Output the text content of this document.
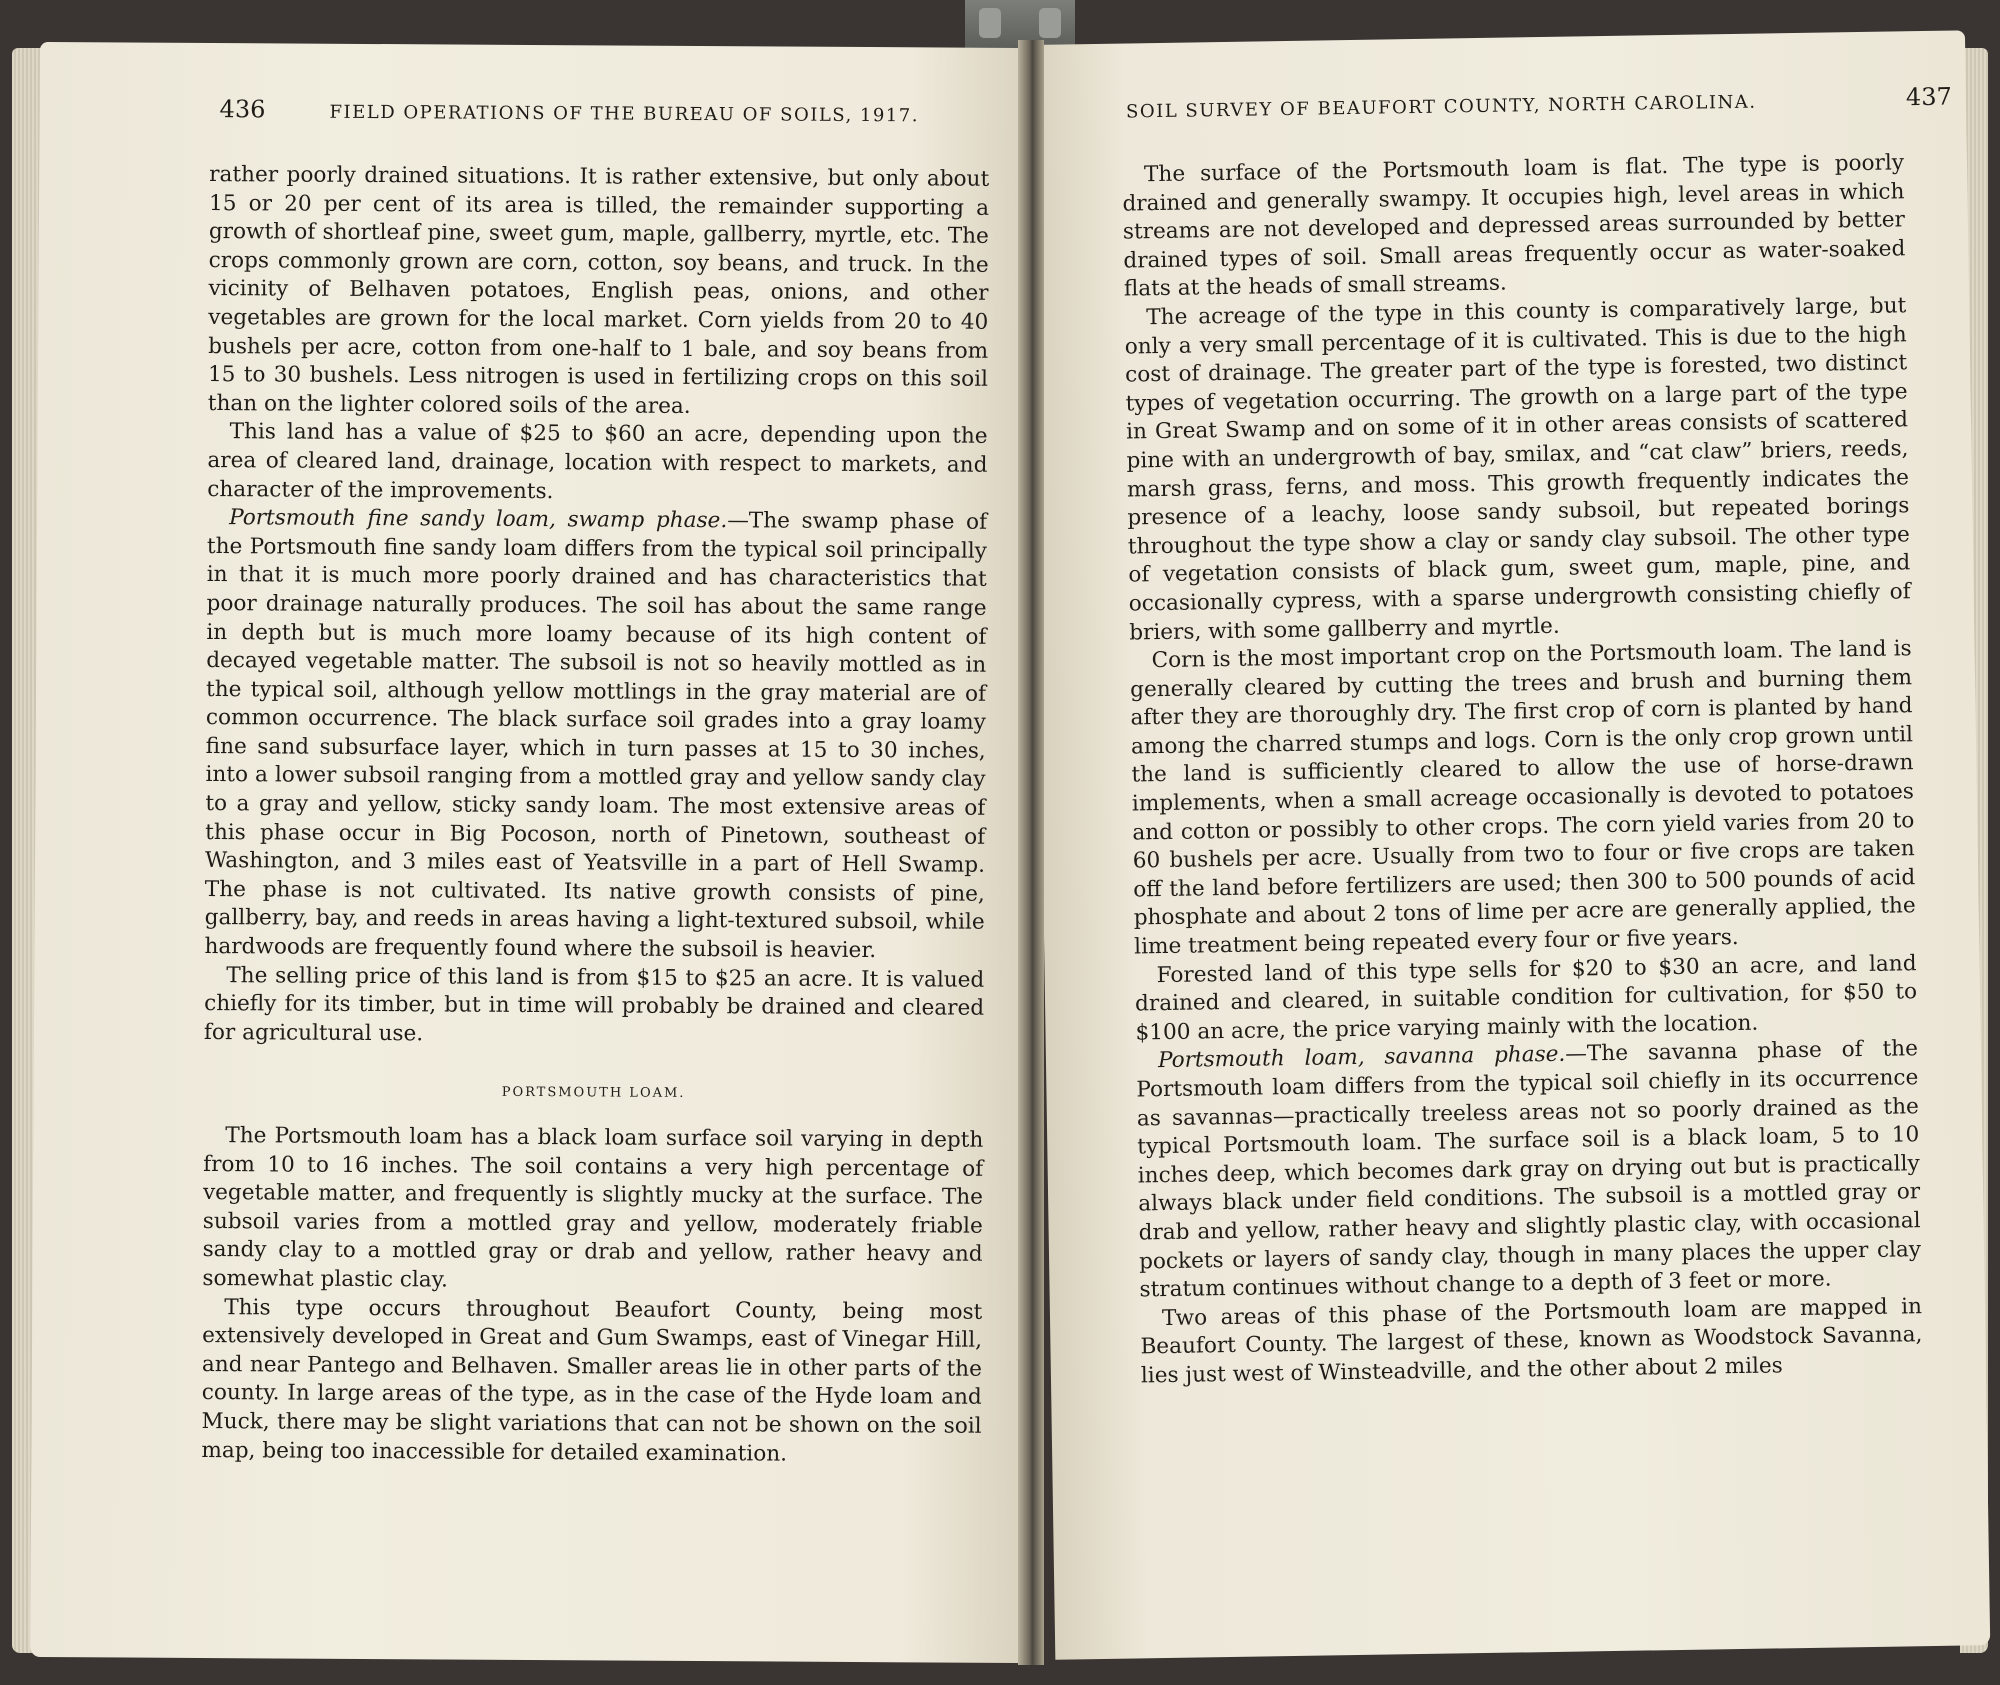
436	FIELD OPERATIONS OF THE BUREAU OF SOILS, 1917.

rather poorly drained situations. It is rather extensive, but only about 15 or 20 per cent of its area is tilled, the remainder supporting a growth of shortleaf pine, sweet gum, maple, gallberry, myrtle, etc. The crops commonly grown are corn, cotton, soy beans, and truck. In the vicinity of Belhaven potatoes, English peas, onions, and other vegetables are grown for the local market. Corn yields from 20 to 40 bushels per acre, cotton from one-half to 1 bale, and soy beans from 15 to 30 bushels. Less nitrogen is used in fertilizing crops on this soil than on the lighter colored soils of the area.

This land has a value of $25 to $60 an acre, depending upon the area of cleared land, drainage, location with respect to markets, and character of the improvements.

Portsmouth fine sandy loam, swamp phase.—The swamp phase of the Portsmouth fine sandy loam differs from the typical soil principally in that it is much more poorly drained and has characteristics that poor drainage naturally produces. The soil has about the same range in depth but is much more loamy because of its high content of decayed vegetable matter. The subsoil is not so heavily mottled as in the typical soil, although yellow mottlings in the gray material are of common occurrence. The black surface soil grades into a gray loamy fine sand subsurface layer, which in turn passes at 15 to 30 inches, into a lower subsoil ranging from a mottled gray and yellow sandy clay to a gray and yellow, sticky sandy loam. The most extensive areas of this phase occur in Big Pocoson, north of Pinetown, southeast of Washington, and 3 miles east of Yeatsville in a part of Hell Swamp. The phase is not cultivated. Its native growth consists of pine, gallberry, bay, and reeds in areas having a light-textured subsoil, while hardwoods are frequently found where the subsoil is heavier.

The selling price of this land is from $15 to $25 an acre. It is valued chiefly for its timber, but in time will probably be drained and cleared for agricultural use.

PORTSMOUTH LOAM.

The Portsmouth loam has a black loam surface soil varying in depth from 10 to 16 inches. The soil contains a very high percentage of vegetable matter, and frequently is slightly mucky at the surface. The subsoil varies from a mottled gray and yellow, moderately friable sandy clay to a mottled gray or drab and yellow, rather heavy and somewhat plastic clay.

This type occurs throughout Beaufort County, being most extensively developed in Great and Gum Swamps, east of Vinegar Hill, and near Pantego and Belhaven. Smaller areas lie in other parts of the county. In large areas of the type, as in the case of the Hyde loam and Muck, there may be slight variations that can not be shown on the soil map, being too inaccessible for detailed examination.

SOIL SURVEY OF BEAUFORT COUNTY, NORTH CAROLINA.	437

The surface of the Portsmouth loam is flat. The type is poorly drained and generally swampy. It occupies high, level areas in which streams are not developed and depressed areas surrounded by better drained types of soil. Small areas frequently occur as water-soaked flats at the heads of small streams.

The acreage of the type in this county is comparatively large, but only a very small percentage of it is cultivated. This is due to the high cost of drainage. The greater part of the type is forested, two distinct types of vegetation occurring. The growth on a large part of the type in Great Swamp and on some of it in other areas consists of scattered pine with an undergrowth of bay, smilax, and “cat claw” briers, reeds, marsh grass, ferns, and moss. This growth frequently indicates the presence of a leachy, loose sandy subsoil, but repeated borings throughout the type show a clay or sandy clay subsoil. The other type of vegetation consists of black gum, sweet gum, maple, pine, and occasionally cypress, with a sparse undergrowth consisting chiefly of briers, with some gallberry and myrtle.

Corn is the most important crop on the Portsmouth loam. The land is generally cleared by cutting the trees and brush and burning them after they are thoroughly dry. The first crop of corn is planted by hand among the charred stumps and logs. Corn is the only crop grown until the land is sufficiently cleared to allow the use of horse-drawn implements, when a small acreage occasionally is devoted to potatoes and cotton or possibly to other crops. The corn yield varies from 20 to 60 bushels per acre. Usually from two to four or five crops are taken off the land before fertilizers are used; then 300 to 500 pounds of acid phosphate and about 2 tons of lime per acre are generally applied, the lime treatment being repeated every four or five years.

Forested land of this type sells for $20 to $30 an acre, and land drained and cleared, in suitable condition for cultivation, for $50 to $100 an acre, the price varying mainly with the location.

Portsmouth loam, savanna phase.—The savanna phase of the Portsmouth loam differs from the typical soil chiefly in its occurrence as savannas—practically treeless areas not so poorly drained as the typical Portsmouth loam. The surface soil is a black loam, 5 to 10 inches deep, which becomes dark gray on drying out but is practically always black under field conditions. The subsoil is a mottled gray or drab and yellow, rather heavy and slightly plastic clay, with occasional pockets or layers of sandy clay, though in many places the upper clay stratum continues without change to a depth of 3 feet or more.

Two areas of this phase of the Portsmouth loam are mapped in Beaufort County. The largest of these, known as Woodstock Savanna, lies just west of Winsteadville, and the other about 2 miles
